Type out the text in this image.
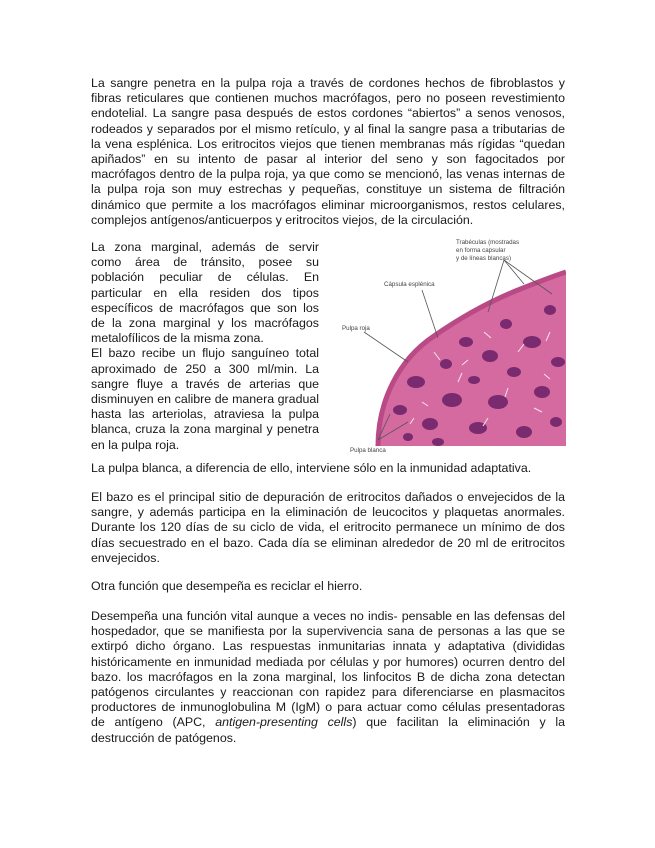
La sangre penetra en la pulpa roja a través de cordones hechos de fibroblastos y fibras reticulares que contienen muchos macrófagos, pero no poseen revestimiento endotelial. La sangre pasa después de estos cordones “abiertos” a senos venosos, rodeados y separados por el mismo retículo, y al final la sangre pasa a tributarias de la vena esplénica. Los eritrocitos viejos que tienen membranas más rígidas “quedan apiñados” en su intento de pasar al interior del seno y son fagocitados por macrófagos dentro de la pulpa roja, ya que como se mencionó, las venas internas de la pulpa roja son muy estrechas y pequeñas, constituye un sistema de filtración dinámico que permite a los macrófagos eliminar microorganismos, restos celulares, complejos antígenos/anticuerpos y eritrocitos viejos, de la circulación.

La zona marginal, además de servir como área de tránsito, posee su población peculiar de células. En particular en ella residen dos tipos específicos de macrófagos que son los de la zona marginal y los macrófagos metalofílicos de la misma zona.
El bazo recibe un flujo sanguíneo total aproximado de 250 a 300 ml/min. La sangre fluye a través de arterias que disminuyen en calibre de manera gradual hasta las arteriolas, atraviesa la pulpa blanca, cruza la zona marginal y penetra en la pulpa roja.
Trabéculas (mostradas
en forma capsular
y de líneas blancas)
Cápsula esplénica
Pulpa roja
Pulpa blanca

La pulpa blanca, a diferencia de ello, interviene sólo en la inmunidad adaptativa.

El bazo es el principal sitio de depuración de eritrocitos dañados o envejecidos de la sangre, y además participa en la eliminación de leucocitos y plaquetas anormales. Durante los 120 días de su ciclo de vida, el eritrocito permanece un mínimo de dos días secuestrado en el bazo. Cada día se eliminan alrededor de 20 ml de eritrocitos envejecidos.

Otra función que desempeña es reciclar el hierro.

Desempeña una función vital aunque a veces no indis- pensable en las defensas del hospedador, que se manifiesta por la supervivencia sana de personas a las que se extirpó dicho órgano. Las respuestas inmunitarias innata y adaptativa (divididas históricamente en inmunidad mediada por células y por humores) ocurren dentro del bazo. los macrófagos en la zona marginal, los linfocitos B de dicha zona detectan patógenos circulantes y reaccionan con rapidez para diferenciarse en plasmacitos productores de inmunoglobulina M (IgM) o para actuar como células presentadoras de antígeno (APC, antigen-presenting cells) que facilitan la eliminación y la destrucción de patógenos.
